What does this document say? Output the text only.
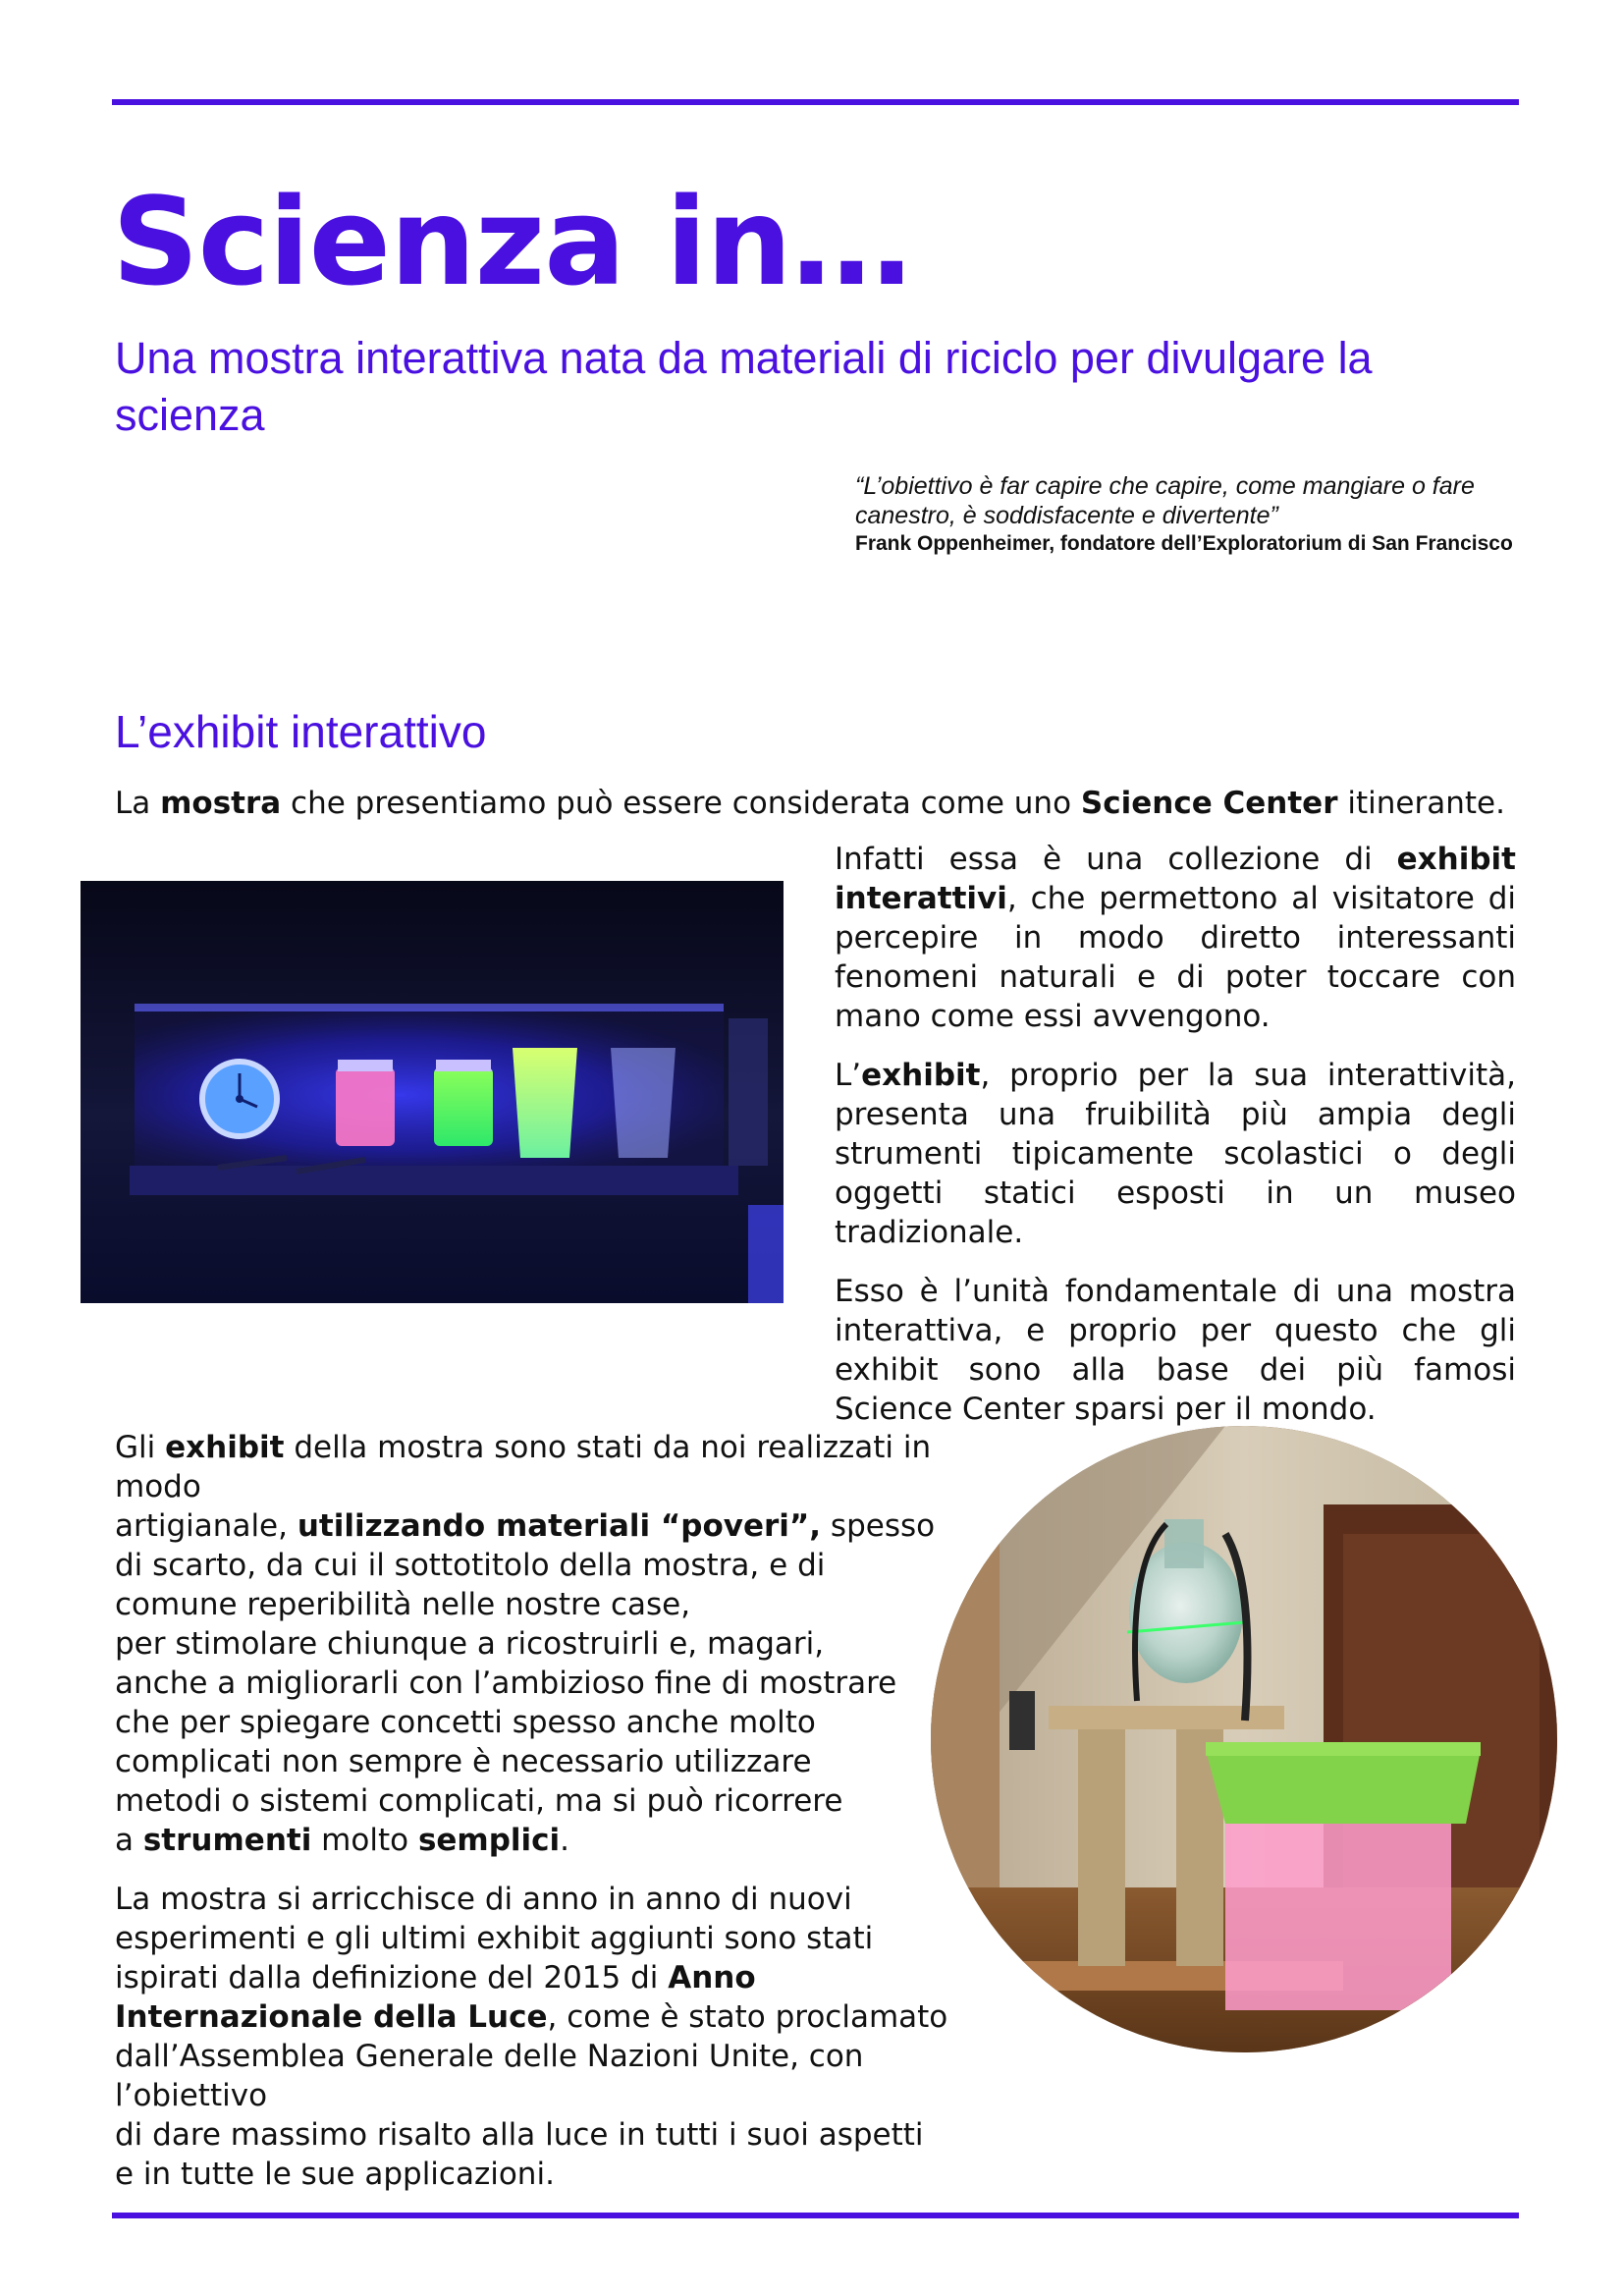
Scienza in…
Una mostra interattiva nata da materiali di riciclo per divulgare la scienza

“L’obiettivo è far capire che capire, come mangiare o fare canestro, è soddisfacente e divertente”

Frank Oppenheimer, fondatore dell’Exploratorium di San Francisco

L’exhibit interattivo

La mostra che presentiamo può essere considerata come uno Science Center itinerante.

Infatti essa è una collezione di exhibit interattivi, che permettono al visitatore di percepire in modo diretto interessanti fenomeni naturali e di poter toccare con mano come essi avvengono.

L’exhibit, proprio per la sua interattività, presenta una fruibilità più ampia degli strumenti tipicamente scolastici o degli oggetti statici esposti in un museo tradizionale.

Esso è l’unità fondamentale di una mostra interattiva, e proprio per questo che gli exhibit sono alla base dei più famosi Science Center sparsi per il mondo.

Gli exhibit della mostra sono stati da noi realizzati in modo
artigianale, utilizzando materiali “poveri”, spesso
di scarto, da cui il sottotitolo della mostra, e di
comune reperibilità nelle nostre case,
per stimolare chiunque a ricostruirli e, magari,
anche a migliorarli con l’ambizioso fine di mostrare
che per spiegare concetti spesso anche molto
complicati non sempre è necessario utilizzare
metodi o sistemi complicati, ma si può ricorrere
a strumenti molto semplici.

La mostra si arricchisce di anno in anno di nuovi
esperimenti e gli ultimi exhibit aggiunti sono stati
ispirati dalla definizione del 2015 di Anno
Internazionale della Luce, come è stato proclamato
dall’Assemblea Generale delle Nazioni Unite, con l’obiettivo
di dare massimo risalto alla luce in tutti i suoi aspetti
e in tutte le sue applicazioni.
